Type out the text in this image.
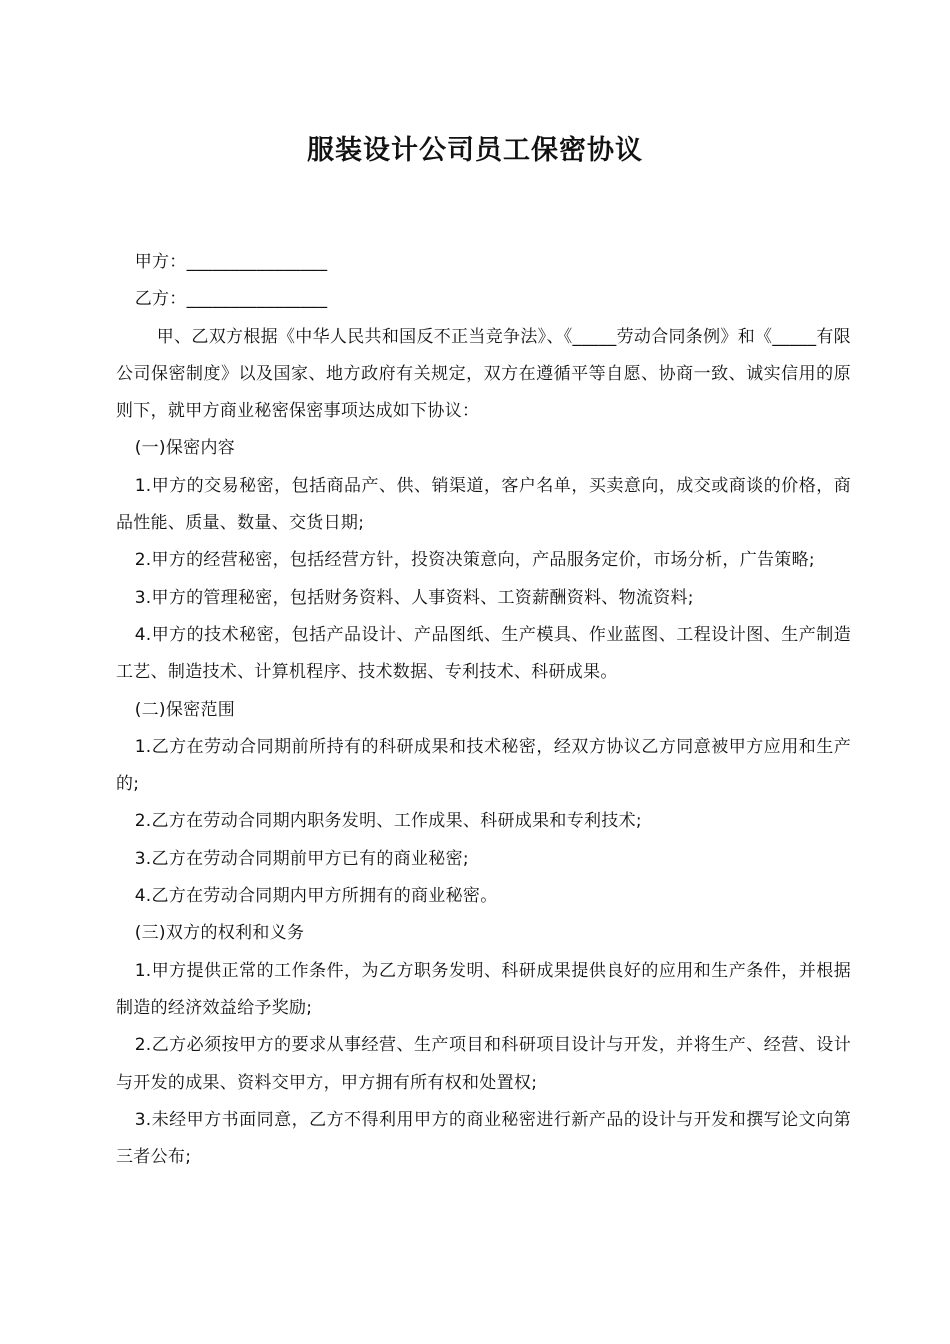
服装设计公司员工保密协议

甲方：________________

乙方：________________

甲、乙双方根据《中华人民共和国反不正当竞争法》、《_____劳动合同条例》和《_____有限公司保密制度》以及国家、地方政府有关规定，双方在遵循平等自愿、协商一致、诚实信用的原则下，就甲方商业秘密保密事项达成如下协议：

(一)保密内容

1.甲方的交易秘密，包括商品产、供、销渠道，客户名单，买卖意向，成交或商谈的价格，商品性能、质量、数量、交货日期;

2.甲方的经营秘密，包括经营方针，投资决策意向，产品服务定价，市场分析，广告策略;

3.甲方的管理秘密，包括财务资料、人事资料、工资薪酬资料、物流资料;

4.甲方的技术秘密，包括产品设计、产品图纸、生产模具、作业蓝图、工程设计图、生产制造工艺、制造技术、计算机程序、技术数据、专利技术、科研成果。

(二)保密范围

1.乙方在劳动合同期前所持有的科研成果和技术秘密，经双方协议乙方同意被甲方应用和生产的;

2.乙方在劳动合同期内职务发明、工作成果、科研成果和专利技术;

3.乙方在劳动合同期前甲方已有的商业秘密;

4.乙方在劳动合同期内甲方所拥有的商业秘密。

(三)双方的权利和义务

1.甲方提供正常的工作条件，为乙方职务发明、科研成果提供良好的应用和生产条件，并根据制造的经济效益给予奖励;

2.乙方必须按甲方的要求从事经营、生产项目和科研项目设计与开发，并将生产、经营、设计与开发的成果、资料交甲方，甲方拥有所有权和处置权;

3.未经甲方书面同意，乙方不得利用甲方的商业秘密进行新产品的设计与开发和撰写论文向第三者公布;
